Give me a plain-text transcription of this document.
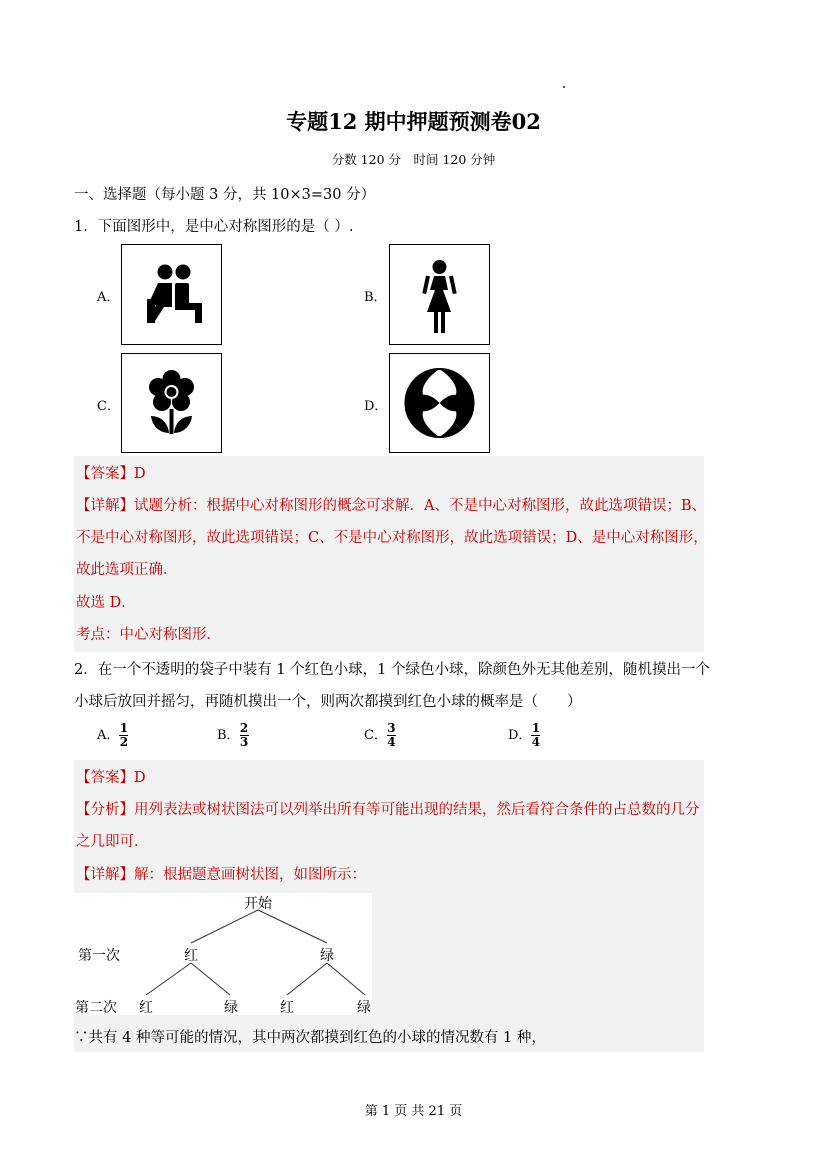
专题12 期中押题预测卷02
分数 120 分　时间 120 分钟
一、选择题（每小题 3 分，共 10×3=30 分）
1．下面图形中，是中心对称图形的是（ ）.
A．	B．
C．	D．
【答案】D
【详解】试题分析：根据中心对称图形的概念可求解．A、不是中心对称图形，故此选项错误；B、
不是中心对称图形，故此选项错误；C、不是中心对称图形，故此选项错误；D、是中心对称图形，
故此选项正确．
故选 D．
考点：中心对称图形．
2．在一个不透明的袋子中装有 1 个红色小球，1 个绿色小球，除颜色外无其他差别，随机摸出一个
小球后放回并摇匀，再随机摸出一个，则两次都摸到红色小球的概率是（　　）
A． $\frac{1}{2}$	B． $\frac{2}{3}$	C． $\frac{3}{4}$	D． $\frac{1}{4}$
【答案】D
【分析】用列表法或树状图法可以列举出所有等可能出现的结果，然后看符合条件的占总数的几分
之几即可．
【详解】解：根据题意画树状图，如图所示：
开始
第一次	红	绿
第二次 红	绿	红	绿
∵共有 4 种等可能的情况，其中两次都摸到红色的小球的情况数有 1 种，
第 1 页 共 21 页
